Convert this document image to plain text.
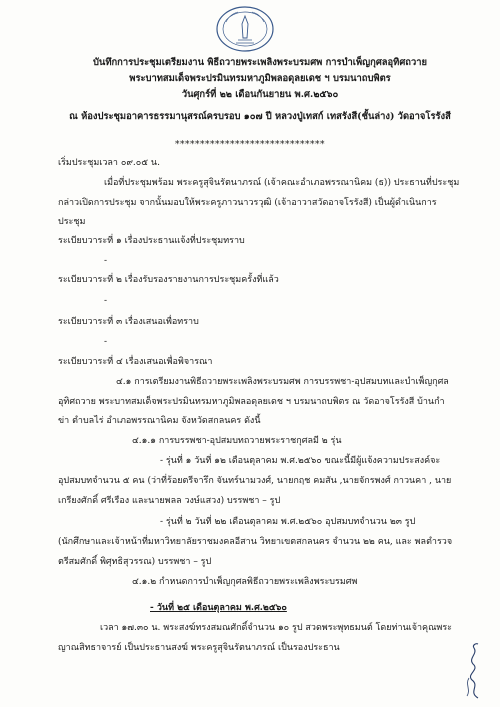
บันทึกการประชุมเตรียมงาน พิธีถวายพระเพลิงพระบรมศพ การบำเพ็ญกุศลอุทิศถวาย
พระบาทสมเด็จพระปรมินทรมหาภูมิพลอดุลยเดช ฯ บรมนาถบพิตร
วันศุกร์ที่ ๒๒ เดือนกันยายน พ.ศ.๒๕๖๐
ณ ห้องประชุมอาคารธรรมานุสรณ์ครบรอบ ๑๐๗ ปี หลวงปู่เทสก์ เทสรังสี(ชั้นล่าง) วัดอาจโรรังสี
******************************
เริ่มประชุมเวลา ๐๙.๐๕ น.
เมื่อที่ประชุมพร้อม พระครูสุจินรัตนาภรณ์ (เจ้าคณะอำเภอพรรณานิคม (ธ)) ประธานที่ประชุม
กล่าวเปิดการประชุม จากนั้นมอบให้พระครูภาวนาวรวุฒิ (เจ้าอาวาสวัดอาจโรรังสี) เป็นผู้ดำเนินการ
ประชุม
ระเบียบวาระที่ ๑ เรื่องประธานแจ้งที่ประชุมทราบ
-
ระเบียบวาระที่ ๒ เรื่องรับรองรายงานการประชุมครั้งที่แล้ว
-
ระเบียบวาระที่ ๓ เรื่องเสนอเพื่อทราบ
-
ระเบียบวาระที่ ๔ เรื่องเสนอเพื่อพิจารณา
๔.๑ การเตรียมงานพิธีถวายพระเพลิงพระบรมศพ การบรรพชา-อุปสมบทและบำเพ็ญกุศล
อุทิศถวาย พระบาทสมเด็จพระปรมินทรมหาภูมิพลอดุลยเดช ฯ บรมนาถบพิตร ณ วัดอาจโรรังสี บ้านกำ
ข่า ตำบลไร่ อำเภอพรรณานิคม จังหวัดสกลนคร ดังนี้
๔.๑.๑ การบรรพชา-อุปสมบทถวายพระราชกุศลมี ๒ รุ่น
- รุ่นที่ ๑ วันที่ ๑๒ เดือนตุลาคม พ.ศ.๒๕๖๐ ขณะนี้มีผู้แจ้งความประสงค์จะ
อุปสมบทจำนวน ๕ คน (ว่าที่ร้อยตรีจารึก จันทร์นามวงศ์, นายกฤช คมสัน ,นายจักรพงศ์ กาวนคา , นาย
เกรียงศักดิ์ ศรีเรือง และนายพลล วงษ์แสวง) บรรพชา – รูป
- รุ่นที่ ๒ วันที่ ๒๒ เดือนตุลาคม พ.ศ.๒๕๖๐ อุปสมบทจำนวน ๒๓ รูป
(นักศึกษาและเจ้าหน้าที่มหาวิทยาลัยราชมงคลอีสาน วิทยาเขตสกลนคร จำนวน ๒๒ คน, และ พลตำรวจ
ตรีสมศักดิ์ พิศุทธิสุวรรณ) บรรพชา – รูป
๔.๑.๒ กำหนดการบำเพ็ญกุศลพิธีถวายพระเพลิงพระบรมศพ
- วันที่ ๒๕ เดือนตุลาคม พ.ศ.๒๕๖๐
เวลา ๑๗.๓๐ น. พระสงฆ์ทรงสมณศักดิ์จำนวน ๑๐ รูป สวดพระพุทธมนต์ โดยท่านเจ้าคุณพระ
ญาณสิทธาจารย์ เป็นประธานสงฆ์ พระครูสุจินรัตนาภรณ์ เป็นรองประธาน
